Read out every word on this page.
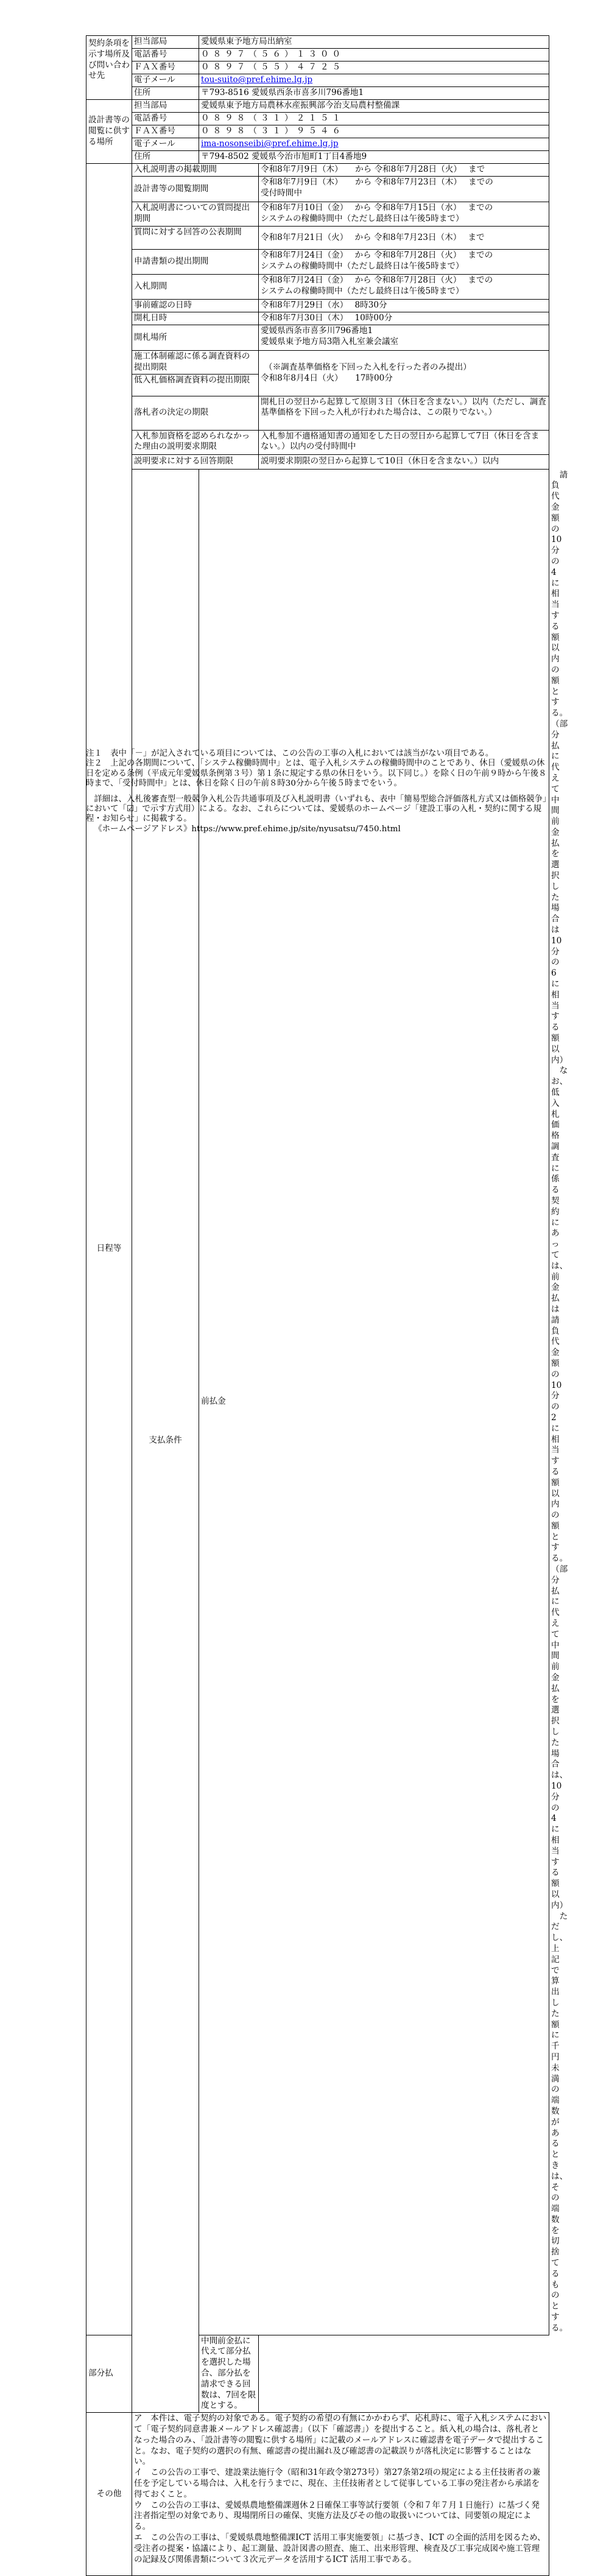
契約条項を示す場所及び問い合わせ先	担当部局	愛媛県東予地方局出納室		
	電話番号	０８９７（５６）１３００		
	ＦＡＸ番号	０８９７（５５）４７２５		
	電子メール	tou-suito@pref.ehime.lg.jp		
	住所	〒793-8516 愛媛県西条市喜多川796番地1		
設計書等の閲覧に供する場所	担当部局	愛媛県東予地方局農林水産振興部今治支局農村整備課		
	電話番号	０８９８（３１）２１５１		
	ＦＡＸ番号	０８９８（３１）９５４６		
	電子メール	ima-nosonseibi@pref.ehime.lg.jp		
	住所	〒794-8502 愛媛県今治市旭町1丁目4番地9		
日程等	入札説明書の掲載期間		令和8年7月9日（木）　　から 令和8年7月28日（火）　 まで	
	設計書等の閲覧期間		令和8年7月9日（木）　　から 令和8年7月23日（木）　 までの
受付時間中	
	入札説明書についての質問提出期間		令和8年7月10日（金）　 から 令和8年7月15日（水）　 までの
システムの稼働時間中（ただし最終日は午後5時まで）	
	質問に対する回答の公表期間		令和8年7月21日（火）　 から 令和8年7月23日（木）　 まで	
	申請書類の提出期間		令和8年7月24日（金）　 から 令和8年7月28日（火）　 までの
システムの稼働時間中（ただし最終日は午後5時まで）	
	入札期間		令和8年7月24日（金）　 から 令和8年7月28日（火）　 までの
システムの稼働時間中（ただし最終日は午後5時まで）	
	事前確認の日時		令和8年7月29日（水）　 8時30分	
	開札日時		令和8年7月30日（木）　 10時00分	
	開札場所		愛媛県西条市喜多川796番地1
愛媛県東予地方局3階入札室兼会議室	
	施工体制確認に係る調査資料の提出期限		（※調査基準価格を下回った入札を行った者のみ提出）
令和8年8月4日（火）　　17時00分	
	低入札価格調査資料の提出期限			
	落札者の決定の期限		開札日の翌日から起算して原則３日（休日を含まない。）以内（ただし、調査基準価格を下回った入札が行われた場合は、この限りでない。）	
	入札参加資格を認められなかった理由の説明要求期限		入札参加不適格通知書の通知をした日の翌日から起算して7日（休日を含まない。）以内の受付時間中	
	説明要求に対する回答期限		説明要求期限の翌日から起算して10日（休日を含まない。）以内	
	支払条件	前払金		請負代金額の10分の4に相当する額以内の額とする。（部分払に代えて中間前金払を選択した場合は10分の6に相当する額以内）
なお、低入札価格調査に係る契約にあっては、前金払は請負代金額の10分の2に相当する額以内の額とする。（部分払に代えて中間前金払を選択した場合は、10分の4に相当する額以内）
ただし、上記で算出した額に千円未満の端数があるときは、その端数を切捨てるものとする。

部分払		中間前金払に代えて部分払を選択した場合、部分払を請求できる回数は、7回を限度とする。		
その他	ア　本件は、電子契約の対象である。電子契約の希望の有無にかかわらず、応札時に、電子入札システムにおいて「電子契約同意書兼メールアドレス確認書」（以下「確認書」）を提出すること。紙入札の場合は、落札者となった場合のみ、「設計書等の閲覧に供する場所」に記載のメールアドレスに確認書を電子データで提出すること。なお、電子契約の選択の有無、確認書の提出漏れ及び確認書の記載誤りが落札決定に影響することはない。
イ　この公告の工事で、建設業法施行令（昭和31年政令第273号）第27条第2項の規定による主任技術者の兼任を予定している場合は、入札を行うまでに、現在、主任技術者として従事している工事の発注者から承諾を得ておくこと。
ウ　この公告の工事は、愛媛県農地整備課週休２日確保工事等試行要領（令和７年７月１日施行）に基づく発注者指定型の対象であり、現場閉所日の確保、実施方法及びその他の取扱いについては、同要領の規定による。
エ　この公告の工事は、「愛媛県農地整備課ICT 活用工事実施要領」に基づき、ICT の全面的活用を図るため、受注者の提案・協議により、起工測量、設計図書の照査、施工、出来形管理、検査及び工事完成図や施工管理の記録及び関係書類について３次元データを活用するICT 活用工事である。			

注１　表中「－」が記入されている項目については、この公告の工事の入札においては該当がない項目である。

注２　上記の各期間について、「システム稼働時間中」とは、電子入札システムの稼働時間中のことであり、休日（愛媛県の休日を定める条例（平成元年愛媛県条例第３号）第１条に規定する県の休日をいう。以下同じ。）を除く日の午前９時から午後８時まで、「受付時間中」とは、休日を除く日の午前８時30分から午後５時までをいう。

詳細は、入札後審査型一般競争入札公告共通事項及び入札説明書（いずれも、表中「簡易型総合評価落札方式又は価格競争」において「☑」で示す方式用）による。なお、これらについては、愛媛県のホームページ「建設工事の入札・契約に関する規程・お知らせ」に掲載する。

《ホームページアドレス》https://www.pref.ehime.jp/site/nyusatsu/7450.html
